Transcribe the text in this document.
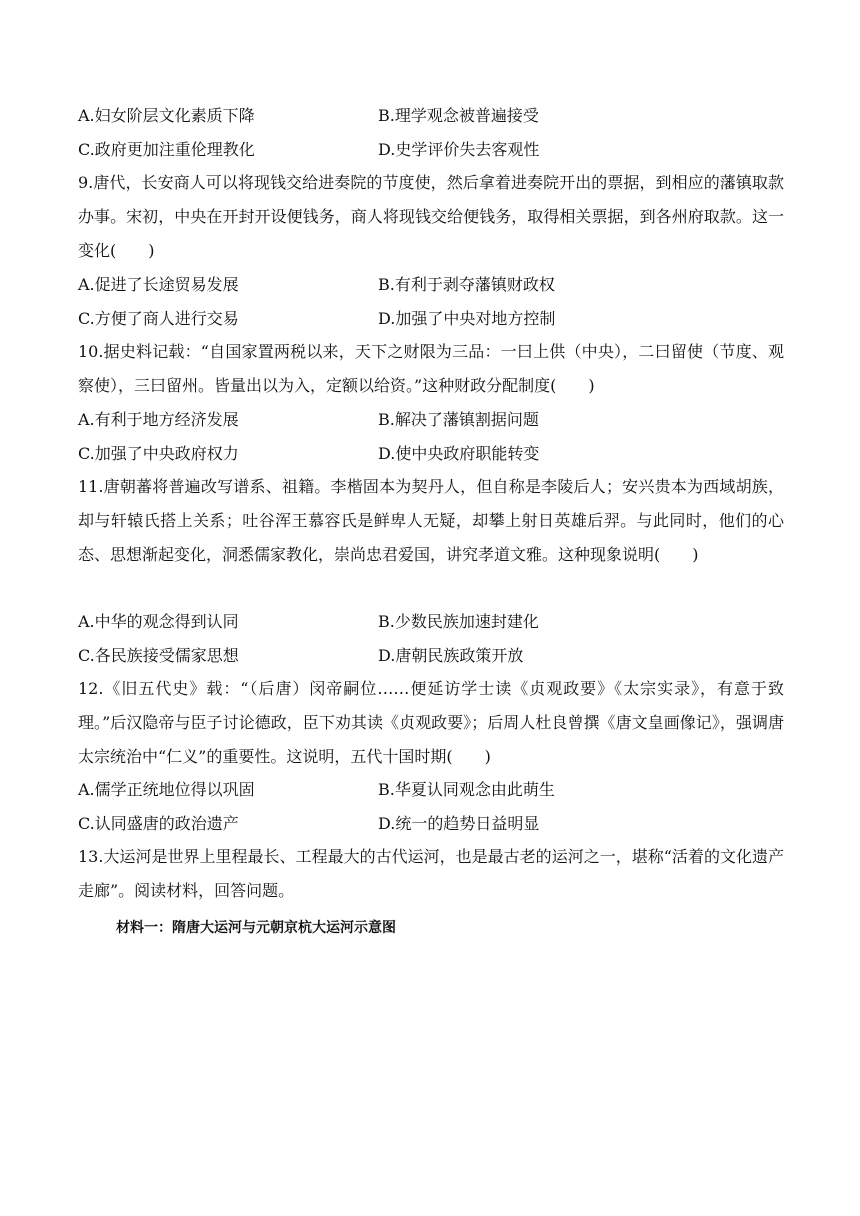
A.妇女阶层文化素质下降	B.理学观念被普遍接受
C.政府更加注重伦理教化	D.史学评价失去客观性
9.唐代，长安商人可以将现钱交给进奏院的节度使，然后拿着进奏院开出的票据，到相应的藩镇取款办事。宋初，中央在开封开设便钱务，商人将现钱交给便钱务，取得相关票据，到各州府取款。这一变化(　　)
A.促进了长途贸易发展	B.有利于剥夺藩镇财政权
C.方便了商人进行交易	D.加强了中央对地方控制
10.据史料记载：“自国家置两税以来，天下之财限为三品：一曰上供（中央），二曰留使（节度、观察使），三曰留州。皆量出以为入，定额以给资。”这种财政分配制度(　　)
A.有利于地方经济发展	B.解决了藩镇割据问题
C.加强了中央政府权力	D.使中央政府职能转变
11.唐朝蕃将普遍改写谱系、祖籍。李楷固本为契丹人，但自称是李陵后人；安兴贵本为西域胡族，却与轩辕氏搭上关系；吐谷浑王慕容氏是鲜卑人无疑，却攀上射日英雄后羿。与此同时，他们的心态、思想渐起变化，洞悉儒家教化，崇尚忠君爱国，讲究孝道文雅。这种现象说明(　　)
A.中华的观念得到认同	B.少数民族加速封建化
C.各民族接受儒家思想	D.唐朝民族政策开放
12.《旧五代史》载：“（后唐）闵帝嗣位……便延访学士读《贞观政要》《太宗实录》，有意于致理。”后汉隐帝与臣子讨论德政，臣下劝其读《贞观政要》；后周人杜良曾撰《唐文皇画像记》，强调唐太宗统治中“仁义”的重要性。这说明，五代十国时期(　　)
A.儒学正统地位得以巩固	B.华夏认同观念由此萌生
C.认同盛唐的政治遗产	D.统一的趋势日益明显
13.大运河是世界上里程最长、工程最大的古代运河，也是最古老的运河之一，堪称“活着的文化遗产走廊”。阅读材料，回答问题。
材料一：隋唐大运河与元朝京杭大运河示意图
